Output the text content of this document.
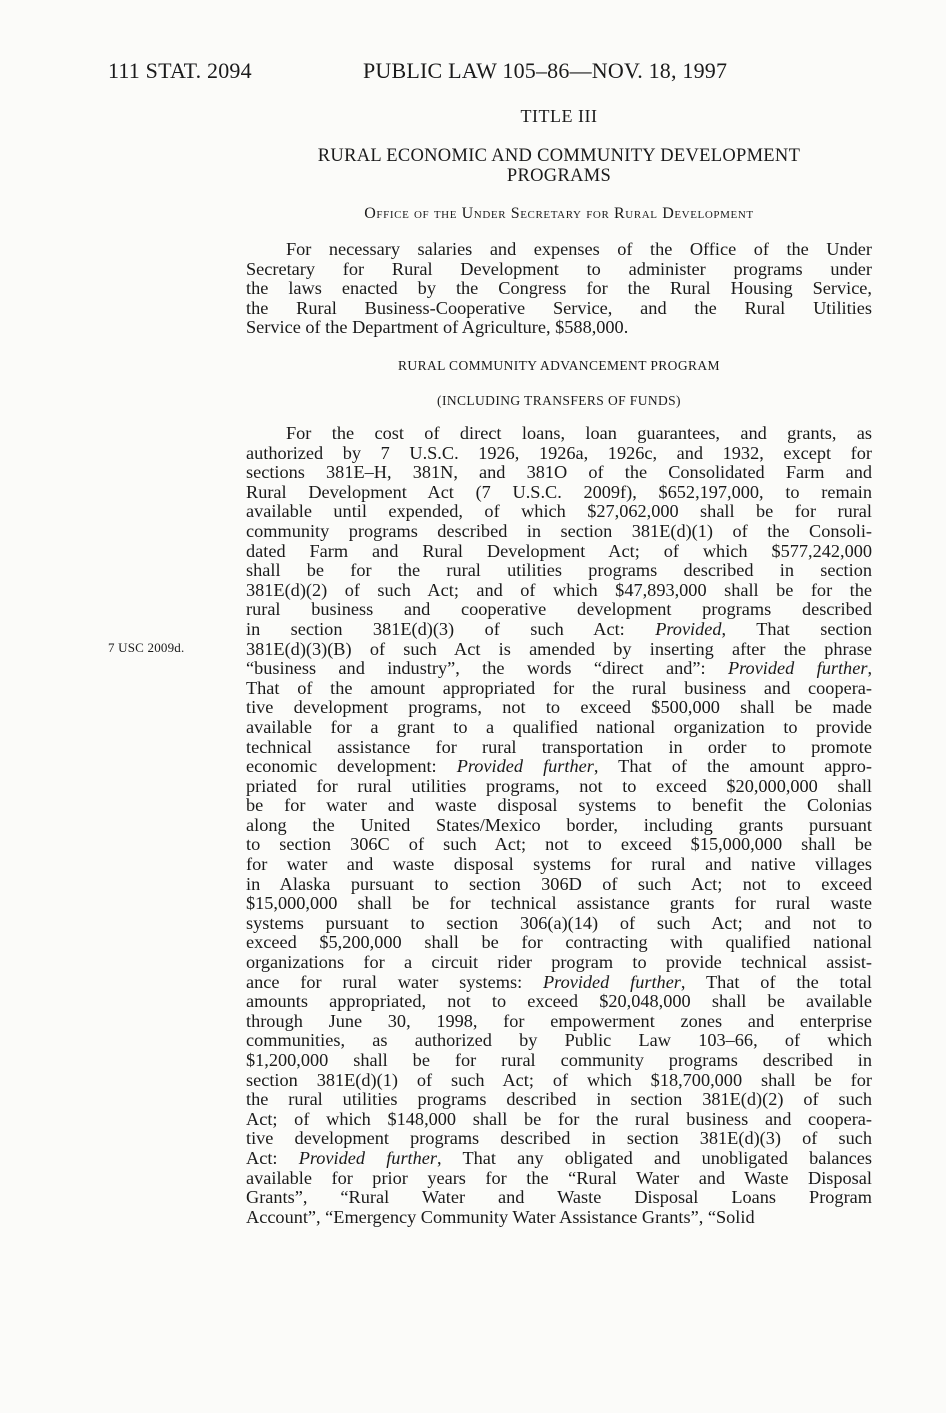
111 STAT. 2094	PUBLIC LAW 105–86—NOV. 18, 1997
TITLE III
RURAL ECONOMIC AND COMMUNITY DEVELOPMENT
PROGRAMS
Office of the Under Secretary for Rural Development
For necessary salaries and expenses of the Office of the Under
Secretary for Rural Development to administer programs under
the laws enacted by the Congress for the Rural Housing Service,
the Rural Business-Cooperative Service, and the Rural Utilities
Service of the Department of Agriculture, $588,000.
RURAL COMMUNITY ADVANCEMENT PROGRAM
(INCLUDING TRANSFERS OF FUNDS)
7 USC 2009d.
For the cost of direct loans, loan guarantees, and grants, as
authorized by 7 U.S.C. 1926, 1926a, 1926c, and 1932, except for
sections 381E–H, 381N, and 381O of the Consolidated Farm and
Rural Development Act (7 U.S.C. 2009f), $652,197,000, to remain
available until expended, of which $27,062,000 shall be for rural
community programs described in section 381E(d)(1) of the Consoli-
dated Farm and Rural Development Act; of which $577,242,000
shall be for the rural utilities programs described in section
381E(d)(2) of such Act; and of which $47,893,000 shall be for the
rural business and cooperative development programs described
in section 381E(d)(3) of such Act: Provided, That section
381E(d)(3)(B) of such Act is amended by inserting after the phrase
“business and industry”, the words “direct and”: Provided further,
That of the amount appropriated for the rural business and coopera-
tive development programs, not to exceed $500,000 shall be made
available for a grant to a qualified national organization to provide
technical assistance for rural transportation in order to promote
economic development: Provided further, That of the amount appro-
priated for rural utilities programs, not to exceed $20,000,000 shall
be for water and waste disposal systems to benefit the Colonias
along the United States/Mexico border, including grants pursuant
to section 306C of such Act; not to exceed $15,000,000 shall be
for water and waste disposal systems for rural and native villages
in Alaska pursuant to section 306D of such Act; not to exceed
$15,000,000 shall be for technical assistance grants for rural waste
systems pursuant to section 306(a)(14) of such Act; and not to
exceed $5,200,000 shall be for contracting with qualified national
organizations for a circuit rider program to provide technical assist-
ance for rural water systems: Provided further, That of the total
amounts appropriated, not to exceed $20,048,000 shall be available
through June 30, 1998, for empowerment zones and enterprise
communities, as authorized by Public Law 103–66, of which
$1,200,000 shall be for rural community programs described in
section 381E(d)(1) of such Act; of which $18,700,000 shall be for
the rural utilities programs described in section 381E(d)(2) of such
Act; of which $148,000 shall be for the rural business and coopera-
tive development programs described in section 381E(d)(3) of such
Act: Provided further, That any obligated and unobligated balances
available for prior years for the “Rural Water and Waste Disposal
Grants”, “Rural Water and Waste Disposal Loans Program
Account”, “Emergency Community Water Assistance Grants”, “Solid
